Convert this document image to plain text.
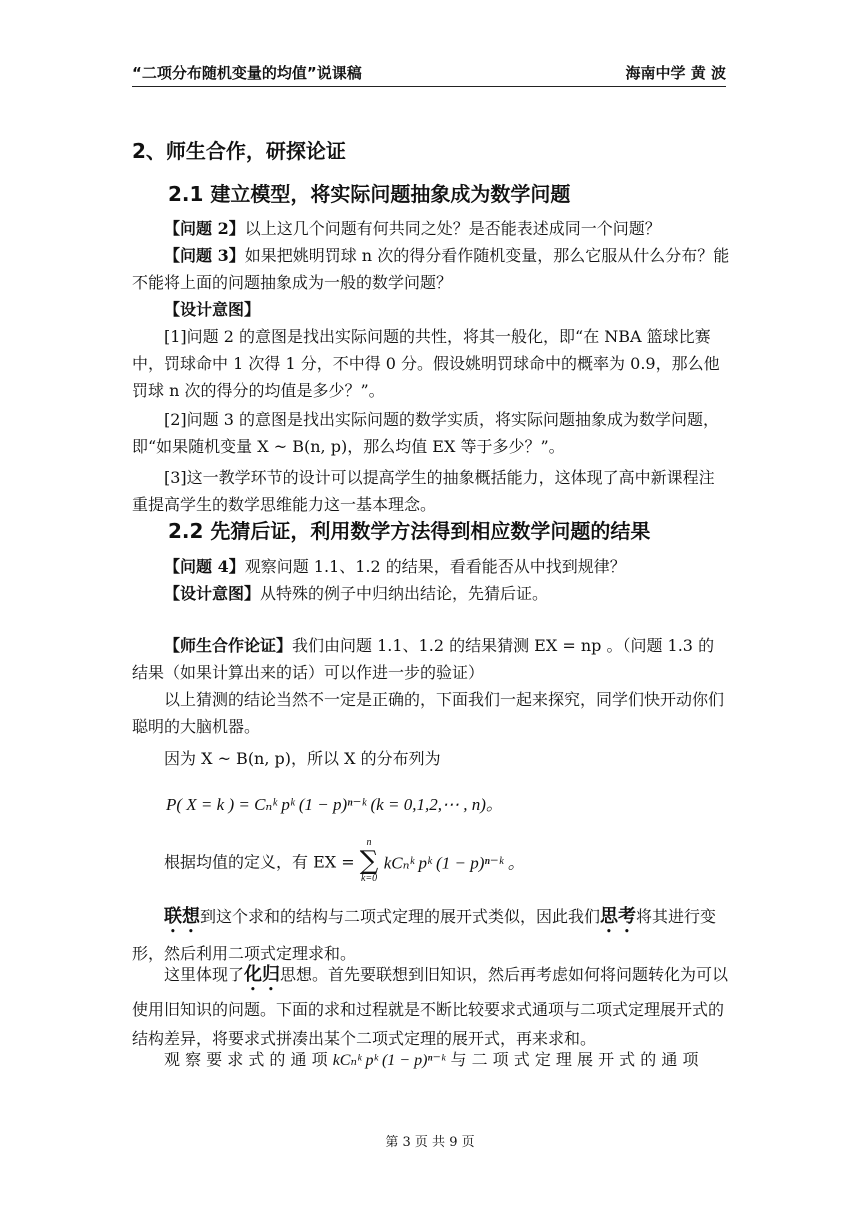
“二项分布随机变量的均值”说课稿	海南中学 黄 波
2、师生合作，研探论证
2.1 建立模型，将实际问题抽象成为数学问题

【问题 2】以上这几个问题有何共同之处？是否能表述成同一个问题？

【问题 3】如果把姚明罚球 n 次的得分看作随机变量，那么它服从什么分布？能不能将上面的问题抽象成为一般的数学问题？

【设计意图】

[1]问题 2 的意图是找出实际问题的共性，将其一般化，即“在 NBA 篮球比赛中，罚球命中 1 次得 1 分，不中得 0 分。假设姚明罚球命中的概率为 0.9，那么他罚球 n 次的得分的均值是多少？”。

[2]问题 3 的意图是找出实际问题的数学实质，将实际问题抽象成为数学问题，即“如果随机变量 X ~ B(n, p)，那么均值 EX 等于多少？”。

[3]这一教学环节的设计可以提高学生的抽象概括能力，这体现了高中新课程注重提高学生的数学思维能力这一基本理念。

2.2 先猜后证，利用数学方法得到相应数学问题的结果

【问题 4】观察问题 1.1、1.2 的结果，看看能否从中找到规律？

【设计意图】从特殊的例子中归纳出结论，先猜后证。

【师生合作论证】我们由问题 1.1、1.2 的结果猜测 EX = np 。（问题 1.3 的结果（如果计算出来的话）可以作进一步的验证）

以上猜测的结论当然不一定是正确的，下面我们一起来探究，同学们快开动你们聪明的大脑机器。

因为 X ~ B(n, p)，所以 X 的分布列为

P( X = k ) = Cₙᵏ pᵏ (1 − p)ⁿ⁻ᵏ (k = 0,1,2,⋯ , n)。
根据均值的定义，有 EX =
n
∑
k=0
kCₙᵏ pᵏ (1 − p)ⁿ⁻ᵏ 。

联想到这个求和的结构与二项式定理的展开式类似，因此我们思考将其进行变形，然后利用二项式定理求和。

这里体现了化归思想。首先要联想到旧知识，然后再考虑如何将问题转化为可以使用旧知识的问题。下面的求和过程就是不断比较要求式通项与二项式定理展开式的结构差异，将要求式拼凑出某个二项式定理的展开式，再来求和。

观 察 要 求 式 的 通 项 kCₙᵏ pᵏ (1 − p)ⁿ⁻ᵏ 与 二 项 式 定 理 展 开 式 的 通 项

第 3 页 共 9 页
